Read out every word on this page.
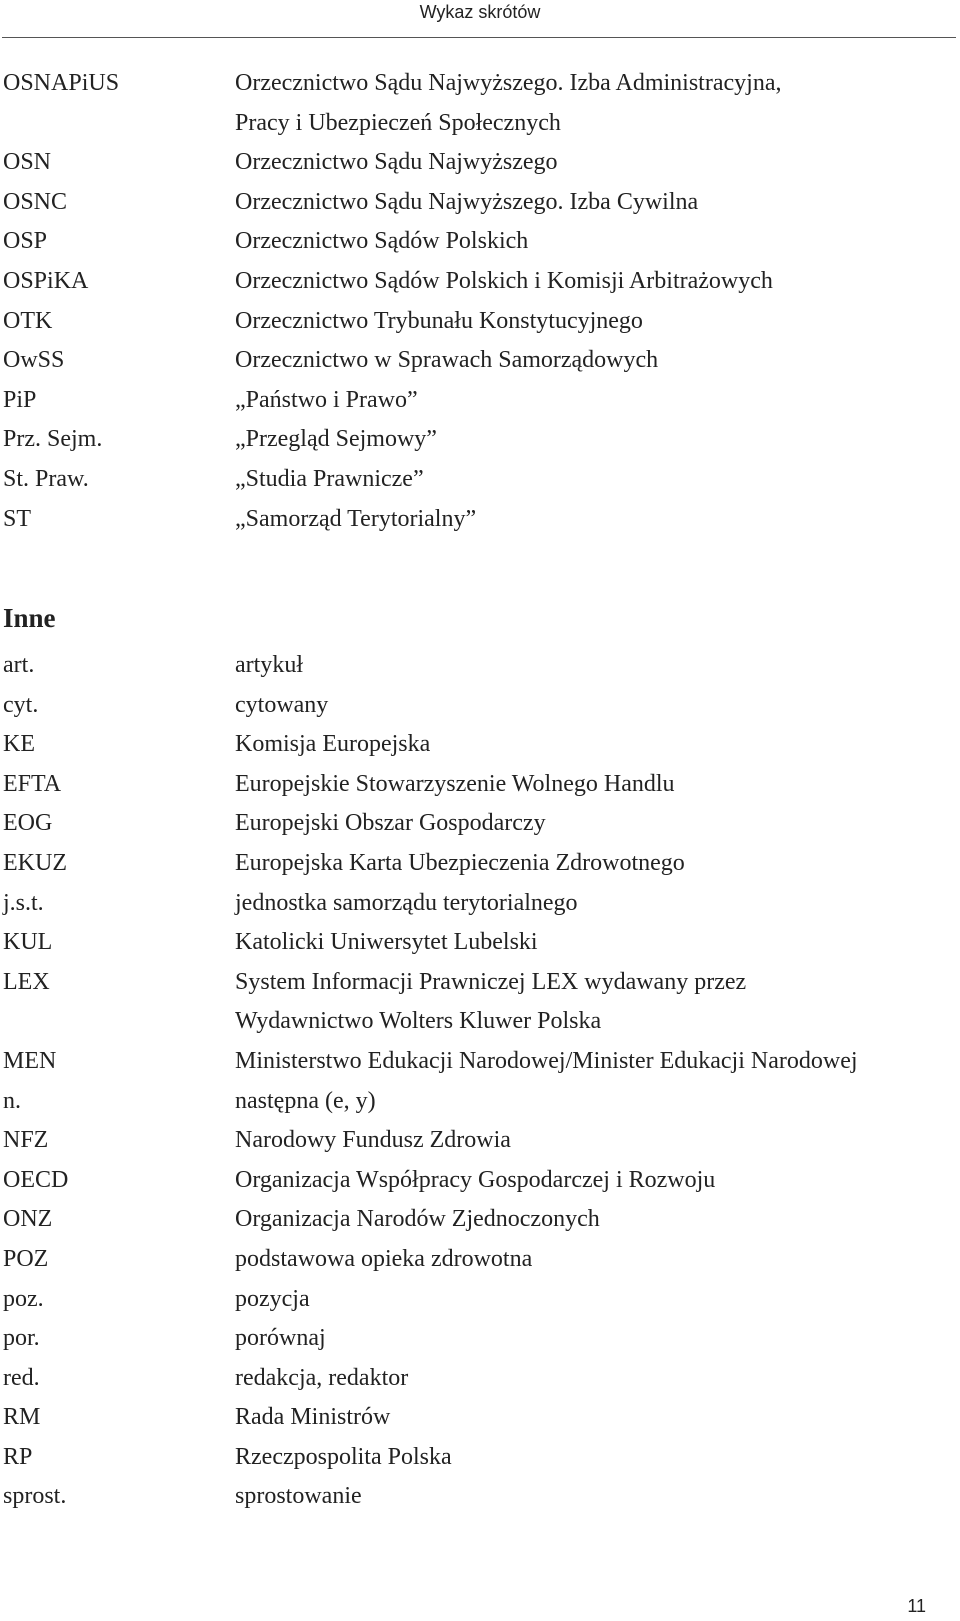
Wykaz skrótów
OSNAPiUS	Orzecznictwo Sądu Najwyższego. Izba Administracyjna,
Pracy i Ubezpieczeń Społecznych
OSN	Orzecznictwo Sądu Najwyższego
OSNC	Orzecznictwo Sądu Najwyższego. Izba Cywilna
OSP	Orzecznictwo Sądów Polskich
OSPiKA	Orzecznictwo Sądów Polskich i Komisji Arbitrażowych
OTK	Orzecznictwo Trybunału Konstytucyjnego
OwSS	Orzecznictwo w Sprawach Samorządowych
PiP	„Państwo i Prawo”
Prz. Sejm.	„Przegląd Sejmowy”
St. Praw.	„Studia Prawnicze”
ST	„Samorząd Terytorialny”
Inne
art.	artykuł
cyt.	cytowany
KE	Komisja Europejska
EFTA	Europejskie Stowarzyszenie Wolnego Handlu
EOG	Europejski Obszar Gospodarczy
EKUZ	Europejska Karta Ubezpieczenia Zdrowotnego
j.s.t.	jednostka samorządu terytorialnego
KUL	Katolicki Uniwersytet Lubelski
LEX	System Informacji Prawniczej LEX wydawany przez
Wydawnictwo Wolters Kluwer Polska
MEN	Ministerstwo Edukacji Narodowej/Minister Edukacji Narodowej
n.	następna (e, y)
NFZ	Narodowy Fundusz Zdrowia
OECD	Organizacja Współpracy Gospodarczej i Rozwoju
ONZ	Organizacja Narodów Zjednoczonych
POZ	podstawowa opieka zdrowotna
poz.	pozycja
por.	porównaj
red.	redakcja, redaktor
RM	Rada Ministrów
RP	Rzeczpospolita Polska
sprost.	sprostowanie
11
